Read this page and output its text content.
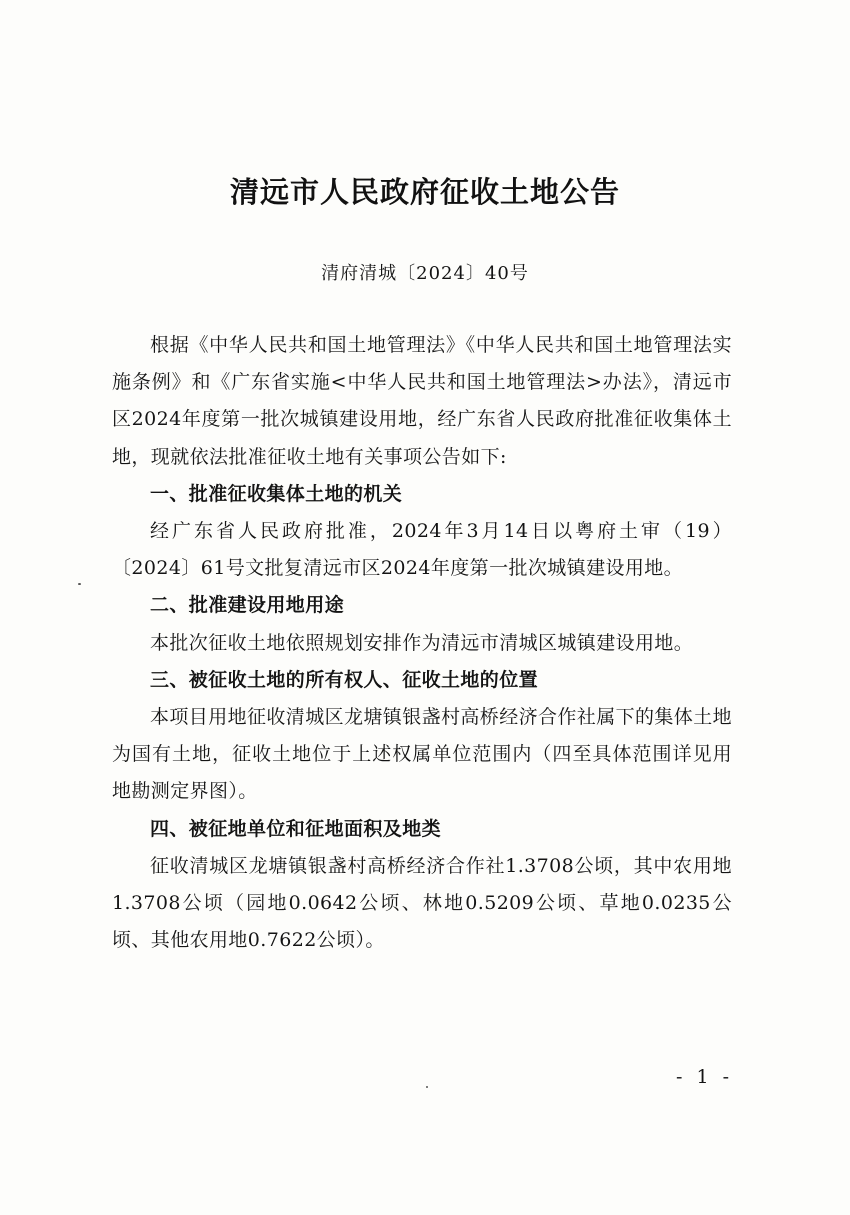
清远市人民政府征收土地公告
清府清城〔2024〕40号

根据《中华人民共和国土地管理法》《中华人民共和国土地管理法实施条例》和《广东省实施<中华人民共和国土地管理法>办法》，清远市区2024年度第一批次城镇建设用地，经广东省人民政府批准征收集体土地，现就依法批准征收土地有关事项公告如下:

一、批准征收集体土地的机关

经广东省人民政府批准，2024年3月14日以粤府土审（19）〔2024〕61号文批复清远市区2024年度第一批次城镇建设用地。

二、批准建设用地用途

本批次征收土地依照规划安排作为清远市清城区城镇建设用地。

三、被征收土地的所有权人、征收土地的位置

本项目用地征收清城区龙塘镇银盏村高桥经济合作社属下的集体土地为国有土地，征收土地位于上述权属单位范围内（四至具体范围详见用地勘测定界图）。

四、被征地单位和征地面积及地类

征收清城区龙塘镇银盏村高桥经济合作社1.3708公顷，其中农用地1.3708公顷（园地0.0642公顷、林地0.5209公顷、草地0.0235公顷、其他农用地0.7622公顷）。

- 1 -
